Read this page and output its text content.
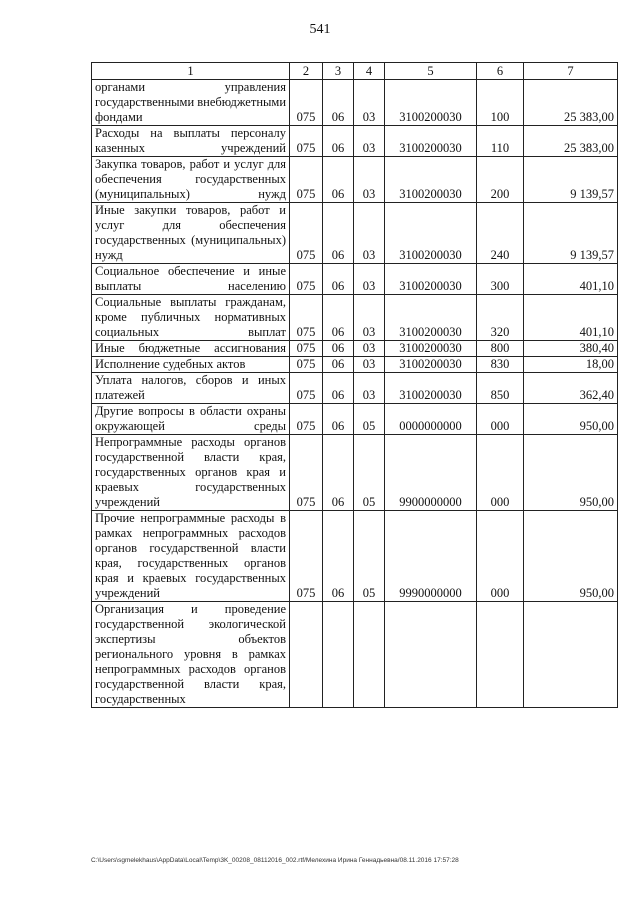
541
1	2	3	4	5	6	7
органами управления государственными внебюджетными фондами	075	06	03	3100200030	100	25 383,00
Расходы на выплаты персоналу казенных учреждений	075	06	03	3100200030	110	25 383,00
Закупка товаров, работ и услуг для обеспечения государственных (муниципальных) нужд	075	06	03	3100200030	200	9 139,57
Иные закупки товаров, работ и услуг для обеспечения государственных (муниципальных) нужд	075	06	03	3100200030	240	9 139,57
Социальное обеспечение и иные выплаты населению	075	06	03	3100200030	300	401,10
Социальные выплаты гражданам, кроме публичных нормативных социальных выплат	075	06	03	3100200030	320	401,10
Иные бюджетные ассигнования	075	06	03	3100200030	800	380,40
Исполнение судебных актов	075	06	03	3100200030	830	18,00
Уплата налогов, сборов и иных платежей	075	06	03	3100200030	850	362,40
Другие вопросы в области охраны окружающей среды	075	06	05	0000000000	000	950,00
Непрограммные расходы органов государственной власти края, государственных органов края и краевых государственных учреждений	075	06	05	9900000000	000	950,00
Прочие непрограммные расходы в рамках непрограммных расходов органов государственной власти края, государственных органов края и краевых государственных учреждений	075	06	05	9990000000	000	950,00
Организация и проведение государственной экологической экспертизы объектов регионального уровня в рамках непрограммных расходов органов государственной власти края, государственных						
C:\Users\sgmelekhaus\AppData\Local\Temp\3K_00208_08112016_002.rtf/Мелехина Ирина Геннадьевна/08.11.2016 17:57:28
